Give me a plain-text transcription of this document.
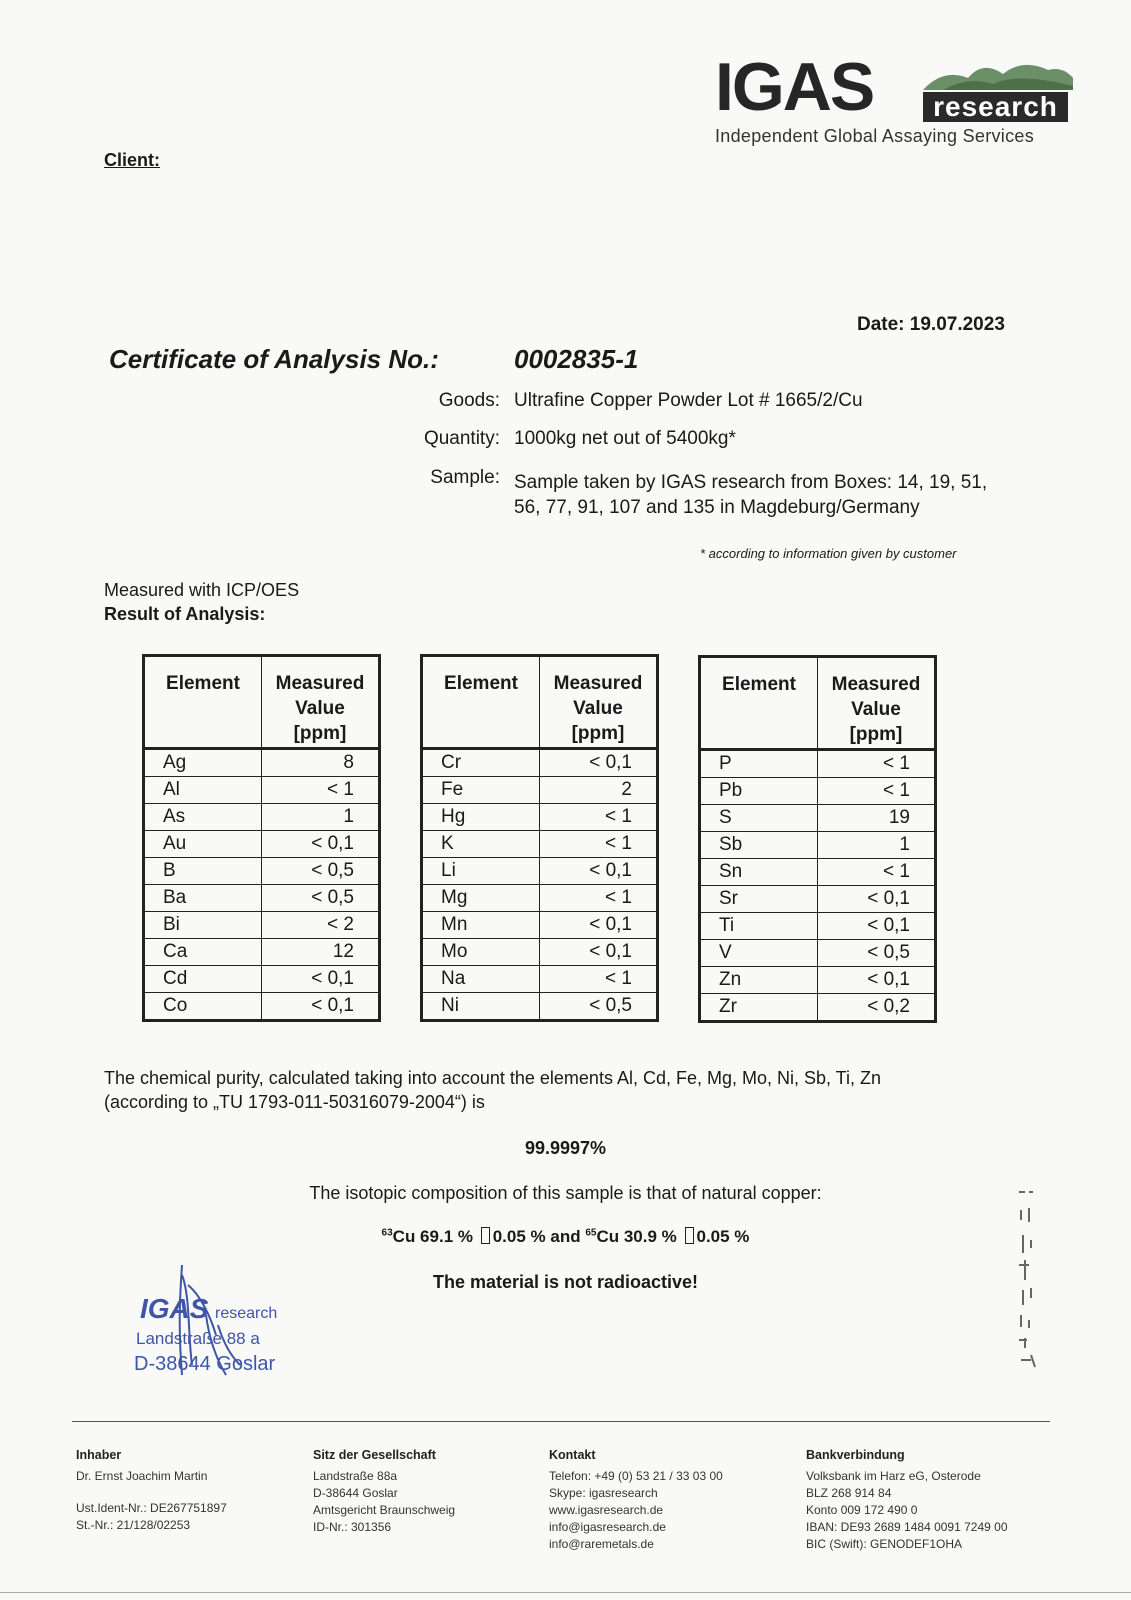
IGAS	research
Independent Global Assaying Services
Client:
Date: 19.07.2023
Certificate of Analysis No.:	0002835-1
Goods: Ultrafine Copper Powder Lot # 1665/2/Cu
Quantity: 1000kg net out of 5400kg*
Sample: Sample taken by IGAS research from Boxes: 14, 19, 51,
56, 77, 91, 107 and 135 in Magdeburg/Germany
* according to information given by customer
Measured with ICP/OES
Result of Analysis:
Element	Measured
Value
[ppm]

Ag	8
Al	< 1
As	1
Au	< 0,1
B	< 0,5
Ba	< 0,5
Bi	< 2
Ca	12
Cd	< 0,1
Co	< 0,1
Element	Measured
Value
[ppm]

Cr	< 0,1
Fe	2
Hg	< 1
K	< 1
Li	< 0,1
Mg	< 1
Mn	< 0,1
Mo	< 0,1
Na	< 1
Ni	< 0,5
Element	Measured
Value
[ppm]

P	< 1
Pb	< 1
S	19
Sb	1
Sn	< 1
Sr	< 0,1
Ti	< 0,1
V	< 0,5
Zn	< 0,1
Zr	< 0,2
The chemical purity, calculated taking into account the elements Al, Cd, Fe, Mg, Mo, Ni, Sb, Ti, Zn
(according to „TU 1793-011-50316079-2004“) is
99.9997%
The isotopic composition of this sample is that of natural copper:
$^{63}$Cu 69.1 % 0.05 % and $^{65}$Cu 30.9 % 0.05 %
The material is not radioactive!
IGAS research
Landstraße 88 a
D-38644 Goslar
Inhaber
Dr. Ernst Joachim Martin
Ust.Ident-Nr.: DE267751897
St.-Nr.: 21/128/02253
Sitz der Gesellschaft
Landstraße 88a
D-38644 Goslar
Amtsgericht Braunschweig
ID-Nr.: 301356
Kontakt
Telefon: +49 (0) 53 21 / 33 03 00
Skype: igasresearch
www.igasresearch.de
info@igasresearch.de
info@raremetals.de
Bankverbindung
Volksbank im Harz eG, Osterode
BLZ 268 914 84
Konto 009 172 490 0
IBAN: DE93 2689 1484 0091 7249 00
BIC (Swift): GENODEF1OHA
